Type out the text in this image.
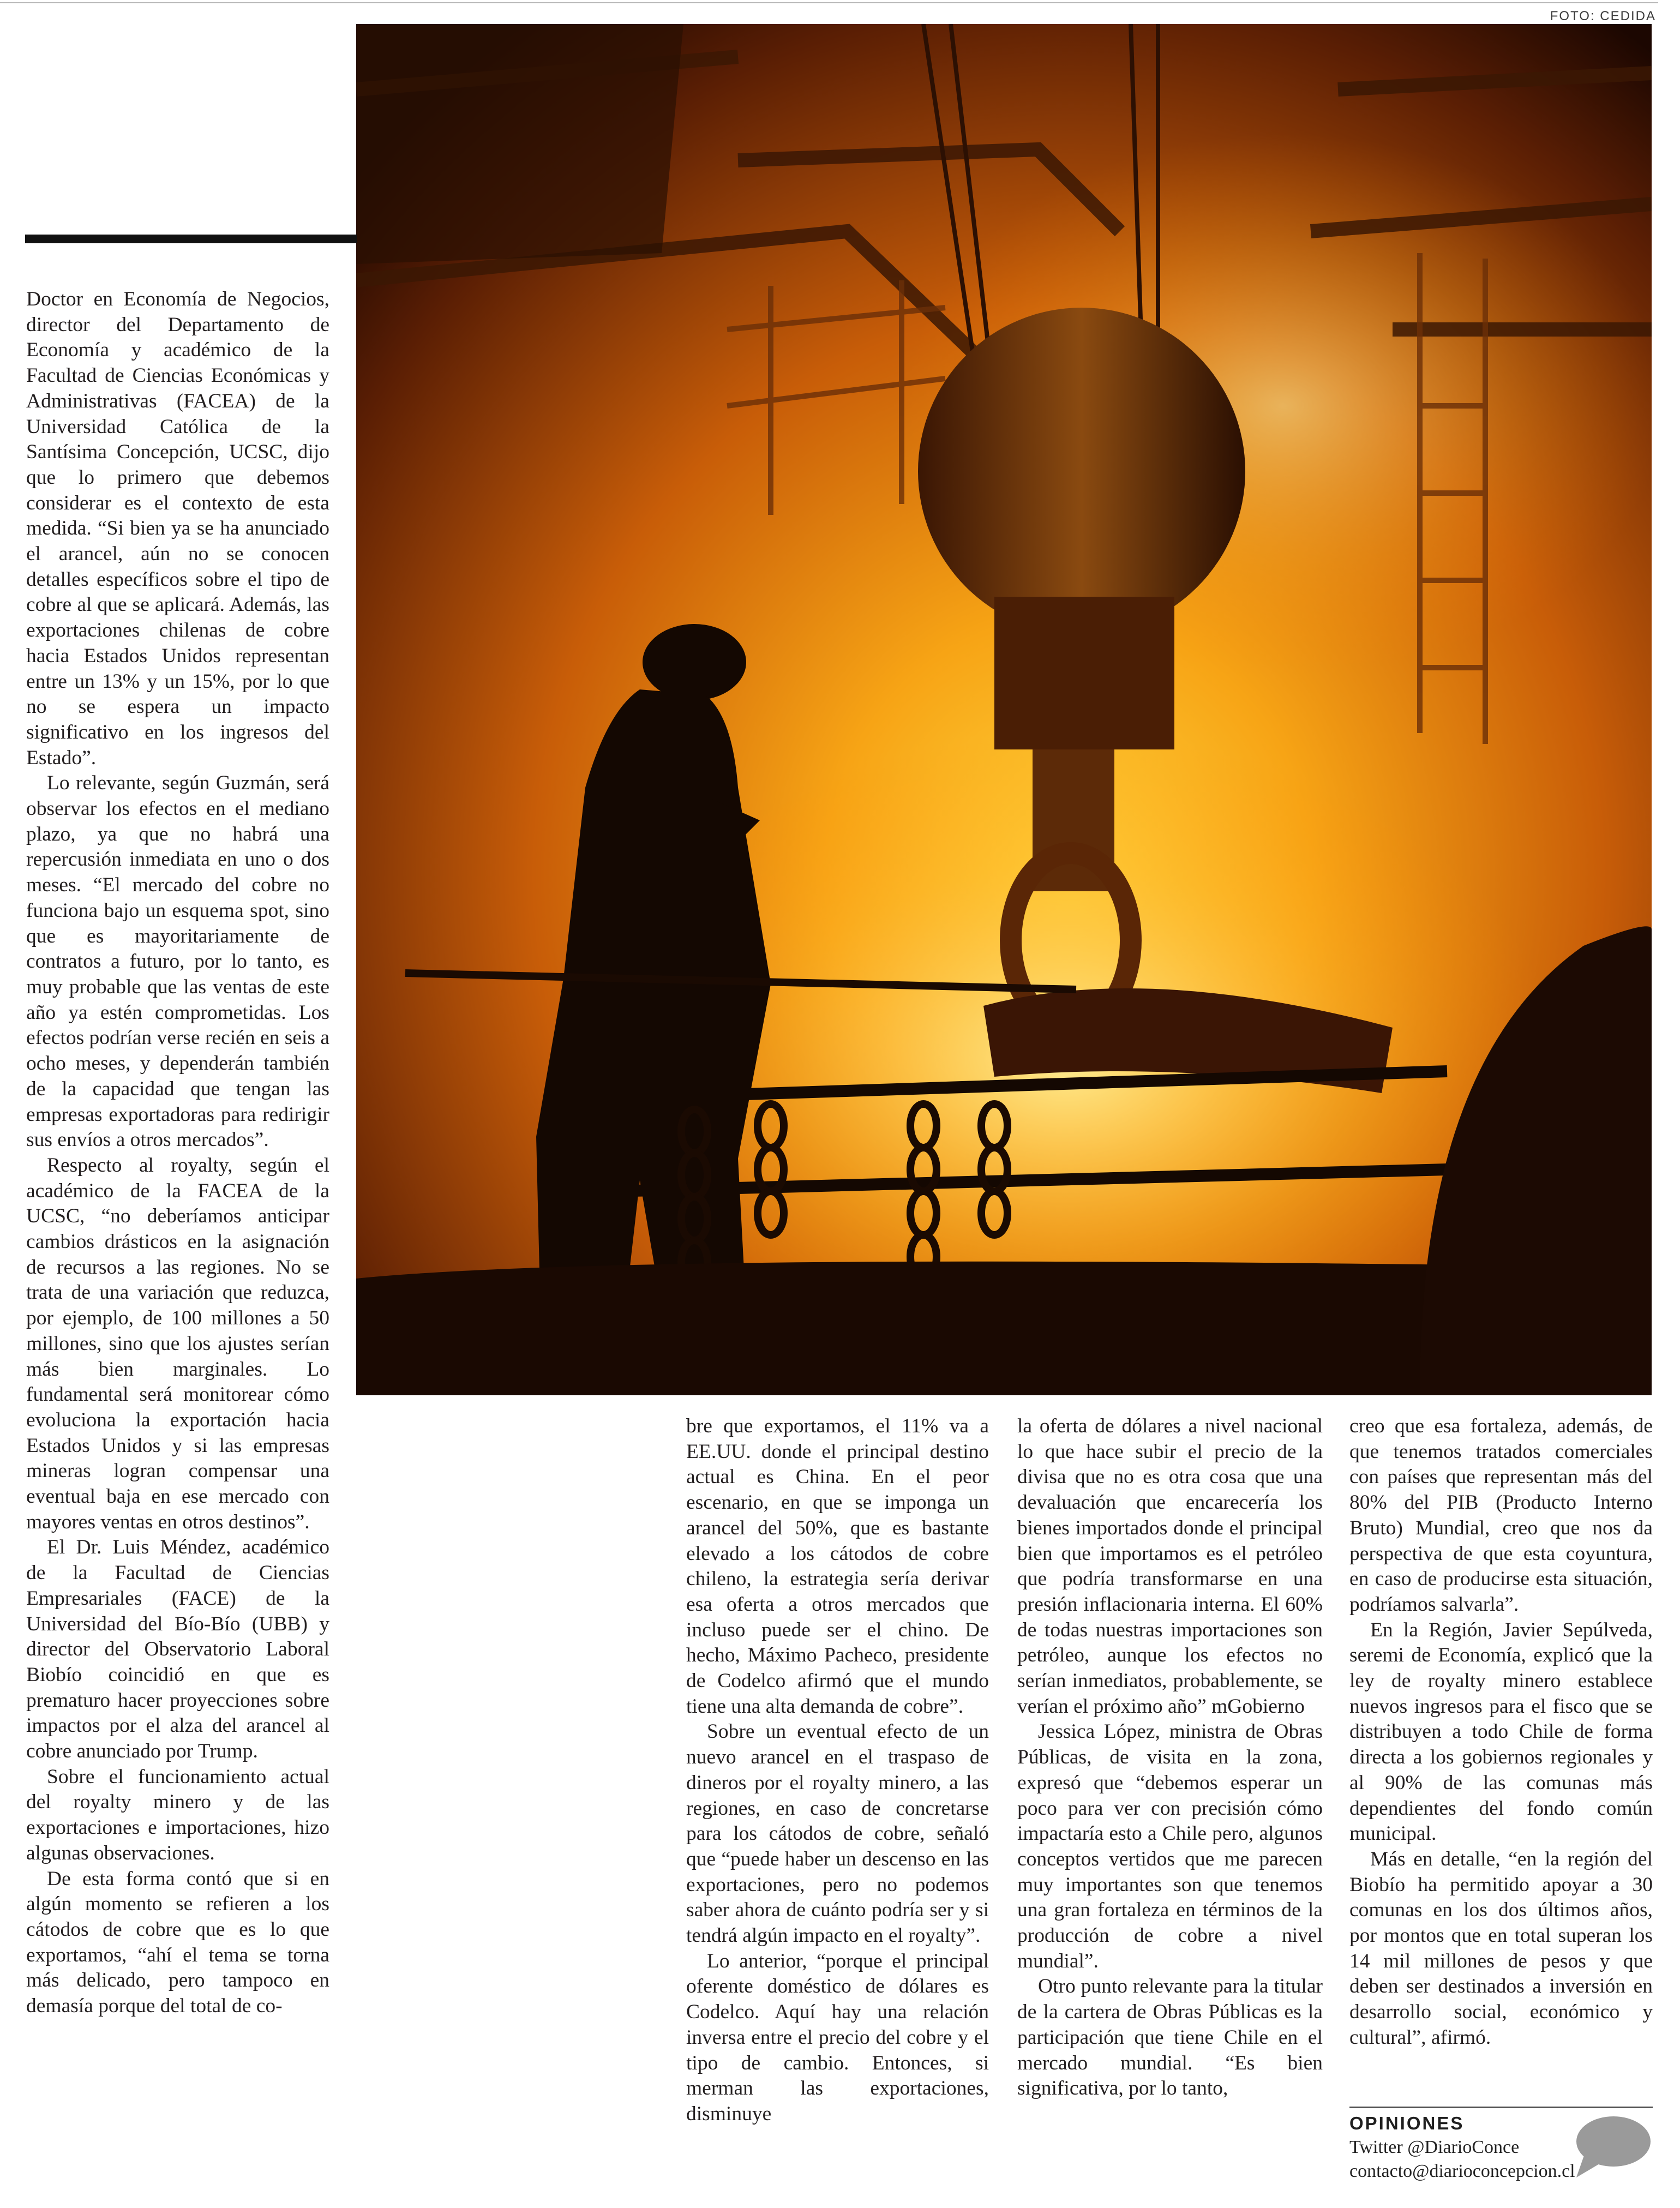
FOTO: CEDIDA

Doctor en Economía de Negocios, director del Departamento de Economía y académico de la Facultad de Ciencias Económicas y Administrativas (FACEA) de la Universidad Católica de la Santísima Concepción, UCSC, dijo que lo primero que debemos considerar es el contexto de esta medida. “Si bien ya se ha anunciado el arancel, aún no se conocen detalles específicos sobre el tipo de cobre al que se aplicará. Además, las exportaciones chilenas de cobre hacia Estados Unidos representan entre un 13% y un 15%, por lo que no se espera un impacto significativo en los ingresos del Estado”.

Lo relevante, según Guzmán, será observar los efectos en el mediano plazo, ya que no habrá una repercusión inmediata en uno o dos meses. “El mercado del cobre no funciona bajo un esquema spot, sino que es mayoritariamente de contratos a futuro, por lo tanto, es muy probable que las ventas de este año ya estén comprometidas. Los efectos podrían verse recién en seis a ocho meses, y dependerán también de la capacidad que tengan las empresas exportadoras para redirigir sus envíos a otros mercados”.

Respecto al royalty, según el académico de la FACEA de la UCSC, “no deberíamos anticipar cambios drásticos en la asignación de recursos a las regiones. No se trata de una variación que reduzca, por ejemplo, de 100 millones a 50 millones, sino que los ajustes serían más bien marginales. Lo fundamental será monitorear cómo evoluciona la exportación hacia Estados Unidos y si las empresas mineras logran compensar una eventual baja en ese mercado con mayores ventas en otros destinos”.

El Dr. Luis Méndez, académico de la Facultad de Ciencias Empresariales (FACE) de la Universidad del Bío-Bío (UBB) y director del Observatorio Laboral Biobío coincidió en que es prematuro hacer proyecciones sobre impactos por el alza del arancel al cobre anunciado por Trump.

Sobre el funcionamiento actual del royalty minero y de las exportaciones e importaciones, hizo algunas observaciones.

De esta forma contó que si en algún momento se refieren a los cátodos de cobre que es lo que exportamos, “ahí el tema se torna más delicado, pero tampoco en demasía porque del total de co-

bre que exportamos, el 11% va a EE.UU. donde el principal destino actual es China. En el peor escenario, en que se imponga un arancel del 50%, que es bastante elevado a los cátodos de cobre chileno, la estrategia sería derivar esa oferta a otros mercados que incluso puede ser el chino. De hecho, Máximo Pacheco, presidente de Codelco afirmó que el mundo tiene una alta demanda de cobre”.

Sobre un eventual efecto de un nuevo arancel en el traspaso de dineros por el royalty minero, a las regiones, en caso de concretarse para los cátodos de cobre, señaló que “puede haber un descenso en las exportaciones, pero no podemos saber ahora de cuánto podría ser y si tendrá algún impacto en el royalty”.

Lo anterior, “porque el principal oferente doméstico de dólares es Codelco. Aquí hay una relación inversa entre el precio del cobre y el tipo de cambio. Entonces, si merman las exportaciones, disminuye

la oferta de dólares a nivel nacional lo que hace subir el precio de la divisa que no es otra cosa que una devaluación que encarecería los bienes importados donde el principal bien que importamos es el petróleo que podría transformarse en una presión inflacionaria interna. El 60% de todas nuestras importaciones son petróleo, aunque los efectos no serían inmediatos, probablemente, se verían el próximo año” mGobierno

Jessica López, ministra de Obras Públicas, de visita en la zona, expresó que “debemos esperar un poco para ver con precisión cómo impactaría esto a Chile pero, algunos conceptos vertidos que me parecen muy importantes son que tenemos una gran fortaleza en términos de la producción de cobre a nivel mundial”.

Otro punto relevante para la titular de la cartera de Obras Públicas es la participación que tiene Chile en el mercado mundial. “Es bien significativa, por lo tanto,

creo que esa fortaleza, además, de que tenemos tratados comerciales con países que representan más del 80% del PIB (Producto Interno Bruto) Mundial, creo que nos da perspectiva de que esta coyuntura, en caso de producirse esta situación, podríamos salvarla”.

En la Región, Javier Sepúlveda, seremi de Economía, explicó que la ley de royalty minero establece nuevos ingresos para el fisco que se distribuyen a todo Chile de forma directa a los gobiernos regionales y al 90% de las comunas más dependientes del fondo común municipal.

Más en detalle, “en la región del Biobío ha permitido apoyar a 30 comunas en los dos últimos años, por montos que en total superan los 14 mil millones de pesos y que deben ser destinados a inversión en desarrollo social, económico y cultural”, afirmó.

OPINIONES
Twitter @DiarioConce
contacto@diarioconcepcion.cl
